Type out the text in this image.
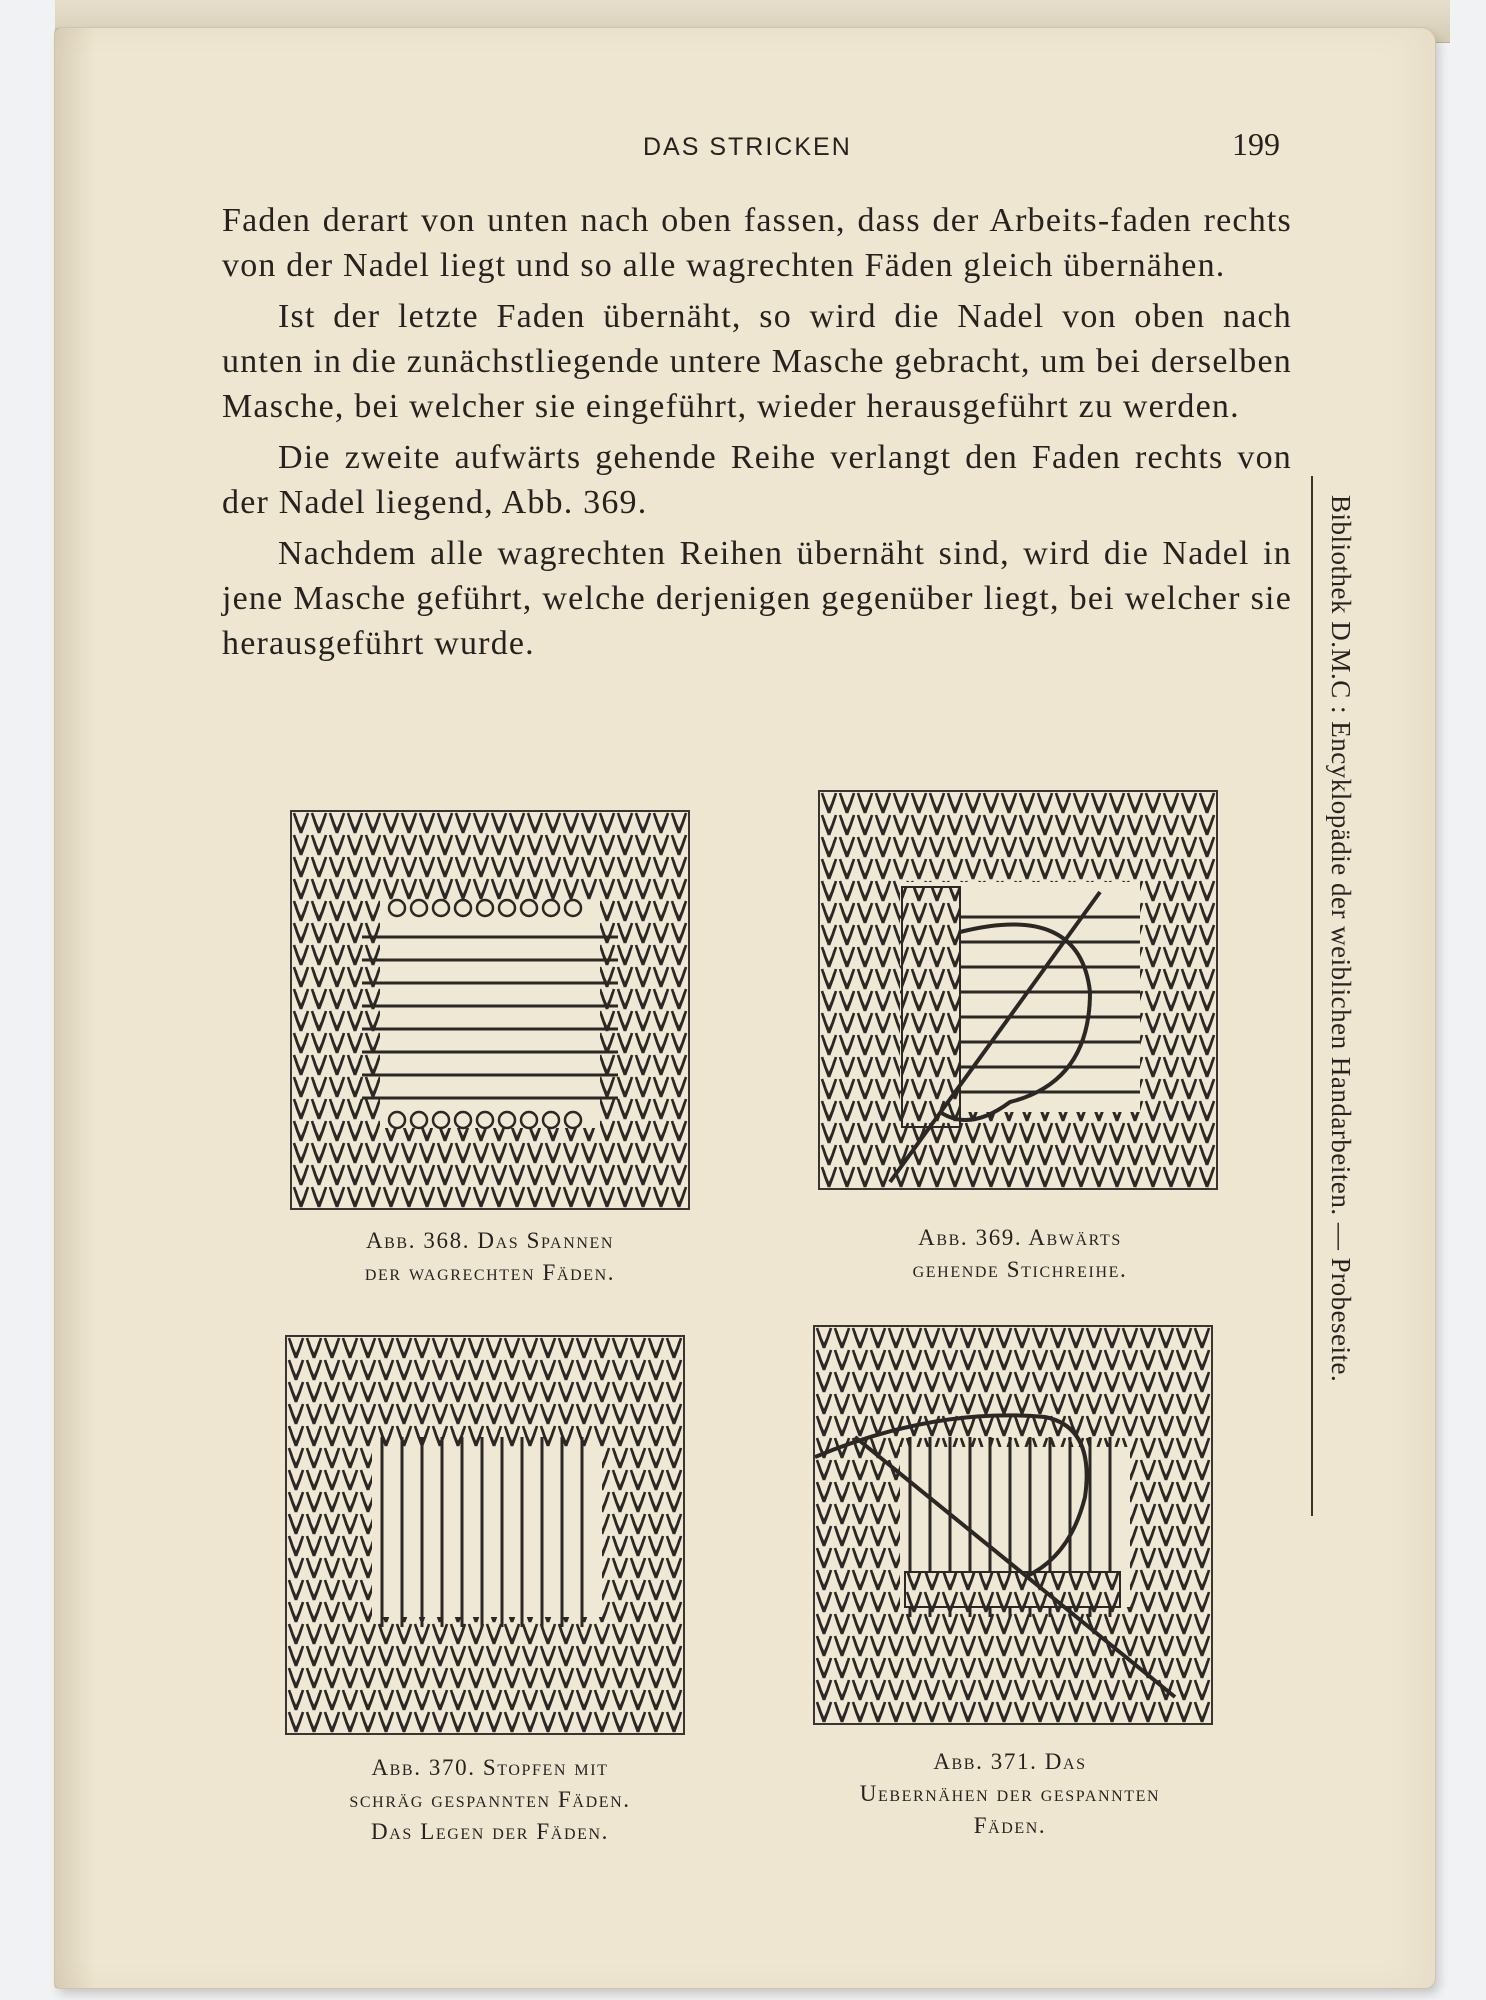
DAS STRICKEN	199

Faden derart von unten nach oben fassen, dass der Arbeits-faden rechts von der Nadel liegt und so alle wagrechten Fäden gleich übernähen.

Ist der letzte Faden übernäht, so wird die Nadel von oben nach unten in die zunächstliegende untere Masche gebracht, um bei derselben Masche, bei welcher sie eingeführt, wieder herausgeführt zu werden.

Die zweite aufwärts gehende Reihe verlangt den Faden rechts von der Nadel liegend, Abb. 369.

Nachdem alle wagrechten Reihen übernäht sind, wird die Nadel in jene Masche geführt, welche derjenigen gegenüber liegt, bei welcher sie herausgeführt wurde.	Bibliothek D.M.C : Encyklopädie der weiblichen Handarbeiten. — Probeseite.
Abb. 368. Das Spannen
der wagrechten Fäden.
Abb. 369. Abwärts
gehende Stichreihe.
Abb. 370. Stopfen mit
schräg gespannten Fäden.
Das Legen der Fäden.
Abb. 371. Das
Uebernähen der gespannten
Fäden.
